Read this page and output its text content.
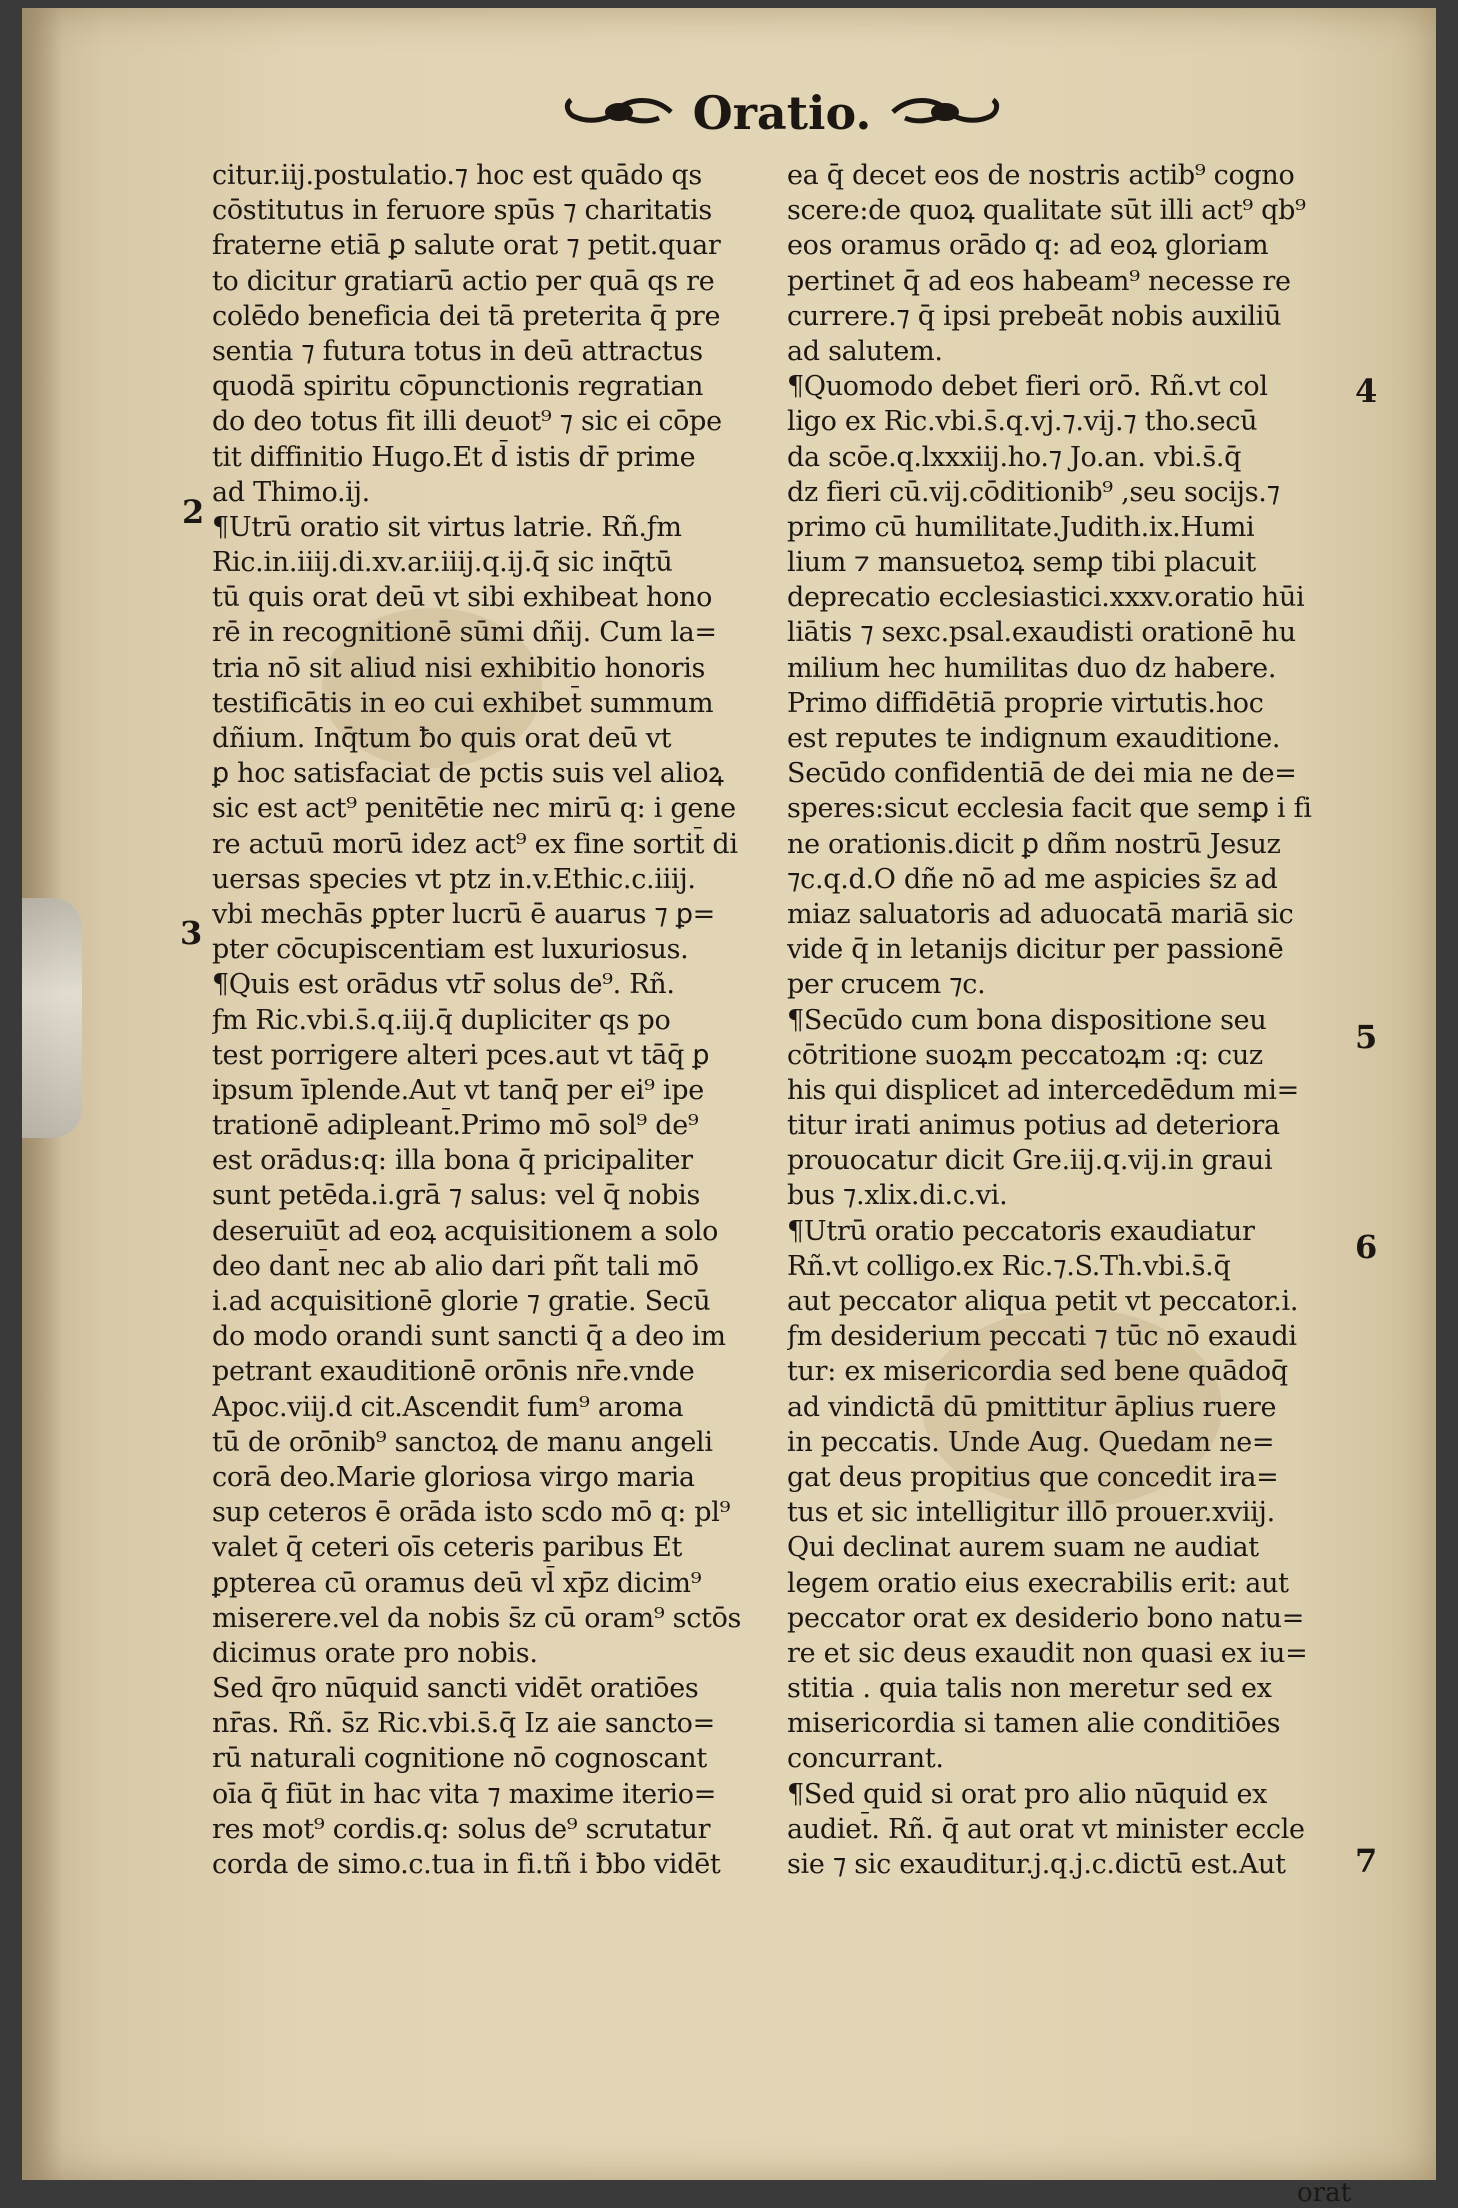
Oratio.
citur.iij.postulatio.⁊ hoc est quādo qs
cōstitutus in feruore spūs ⁊ charitatis
fraterne etiā ꝑ salute orat ⁊ petit.quar
to dicitur gratiarū actio per quā qs re
colēdo beneficia dei tā preterita q̄ pre
sentia ⁊ futura totus in deū attractus
quodā spiritu cōpunctionis regratian
do deo totus fit illi deuot⁹ ⁊ sic ei cōpe
tit diffinitio Hugo.Et d̄ istis dr̄ prime
ad Thimo.ij.
¶Utrū oratio sit virtus latrie. Rñ.ƒm
Ric.in.iiij.di.xv.ar.iiij.q.ij.q̄ sic inq̄tū
tū quis orat deū vt sibi exhibeat hono
rē in recognitionē sūmi dñij. Cum la=
tria nō sit aliud nisi exhibitio honoris
testificātis in eo cui exhibet̄ summum
dñium. Inq̄tum ƀo quis orat deū vt
ꝑ hoc satisfaciat de pctis suis vel alioꝝ
sic est act⁹ penitētie nec mirū q: i gene
re actuū morū idez act⁹ ex fine sortit̄ di
uersas species vt ptz in.v.Ethic.c.iiij.
vbi mechās ꝑpter lucrū ē auarus ⁊ ꝑ=
pter cōcupiscentiam est luxuriosus.
¶Quis est orādus vtr̄ solus de⁹. Rñ.
ƒm Ric.vbi.s̄.q.iij.q̄ dupliciter qs po
test porrigere alteri pces.aut vt tāq̄ ꝑ
ipsum īplende.Aut vt tanq̄ per ei⁹ ipe
trationē adipleant̄.Primo mō sol⁹ de⁹
est orādus:q: illa bona q̄ pricipaliter
sunt petēda.i.grā ⁊ salus: vel q̄ nobis
deseruiūt ad eoꝝ acquisitionem a solo
deo dant̄ nec ab alio dari pñt tali mō
i.ad acquisitionē glorie ⁊ gratie. Secū
do modo orandi sunt sancti q̄ a deo im
petrant exauditionē orōnis nr̄e.vnde
Apoc.viij.d cit.Ascendit fum⁹ aroma
tū de orōnib⁹ sanctoꝝ de manu angeli
corā deo.Marie gloriosa virgo maria
sup ceteros ē orāda isto scdo mō q: pl⁹
valet q̄ ceteri oīs ceteris paribus Et
ꝑpterea cū oramus deū vl̄ xp̄z dicim⁹
miserere.vel da nobis s̄z cū oram⁹ sctōs
dicimus orate pro nobis.
Sed q̄ro nūquid sancti vidēt oratiōes
nr̄as. Rñ. s̄z Ric.vbi.s̄.q̄ Iz aie sancto=
rū naturali cognitione nō cognoscant
oīa q̄ fiūt in hac vita ⁊ maxime iterio=
res mot⁹ cordis.q: solus de⁹ scrutatur
corda de simo.c.tua in fi.tñ i ƀbo vidēt
ea q̄ decet eos de nostris actib⁹ cogno
scere:de quoꝝ qualitate sūt illi act⁹ qb⁹
eos oramus orādo q: ad eoꝝ gloriam
pertinet q̄ ad eos habeam⁹ necesse re
currere.⁊ q̄ ipsi prebeāt nobis auxiliū
ad salutem.
¶Quomodo debet fieri orō. Rñ.vt col
ligo ex Ric.vbi.s̄.q.vj.⁊.vij.⁊ tho.secū
da scōe.q.lxxxiij.ho.⁊ Jo.an. vbi.s̄.q̄
dz fieri cū.vij.cōditionib⁹ ,seu socijs.⁊
primo cū humilitate.Judith.ix.Humi
lium ⁊ mansuetoꝝ semꝑ tibi placuit
deprecatio ecclesiastici.xxxv.oratio hūi
liātis ⁊ sexc.psal.exaudisti orationē hu
milium hec humilitas duo dz habere.
Primo diffidētiā proprie virtutis.hoc
est reputes te indignum exauditione.
Secūdo confidentiā de dei mia ne de=
speres:sicut ecclesia facit que semꝑ i fi
ne orationis.dicit ꝑ dñm nostrū Jesuz
⁊c.q.d.O dñe nō ad me aspicies s̄z ad
miaz saluatoris ad aduocatā mariā sic
vide q̄ in letanijs dicitur per passionē
per crucem ⁊c.
¶Secūdo cum bona dispositione seu
cōtritione suoꝝm peccatoꝝm :q: cuz
his qui displicet ad intercedēdum mi=
titur irati animus potius ad deteriora
prouocatur dicit Gre.iij.q.vij.in graui
bus ⁊.xlix.di.c.vi.
¶Utrū oratio peccatoris exaudiatur
Rñ.vt colligo.ex Ric.⁊.S.Th.vbi.s̄.q̄
aut peccator aliqua petit vt peccator.i.
ƒm desiderium peccati ⁊ tūc nō exaudi
tur: ex misericordia sed bene quādoq̄
ad vindictā dū pmittitur āplius ruere
in peccatis. Unde Aug. Quedam ne=
gat deus propitius que concedit ira=
tus et sic intelligitur illō prouer.xviij.
Qui declinat aurem suam ne audiat
legem oratio eius execrabilis erit: aut
peccator orat ex desiderio bono natu=
re et sic deus exaudit non quasi ex iu=
stitia . quia talis non meretur sed ex
misericordia si tamen alie conditiōes
concurrant.
¶Sed quid si orat pro alio nūquid ex
audiet̄. Rñ. q̄ aut orat vt minister eccle
sie ⁊ sic exauditur.j.q.j.c.dictū est.Aut
2
3
4
5
6
7
orat
